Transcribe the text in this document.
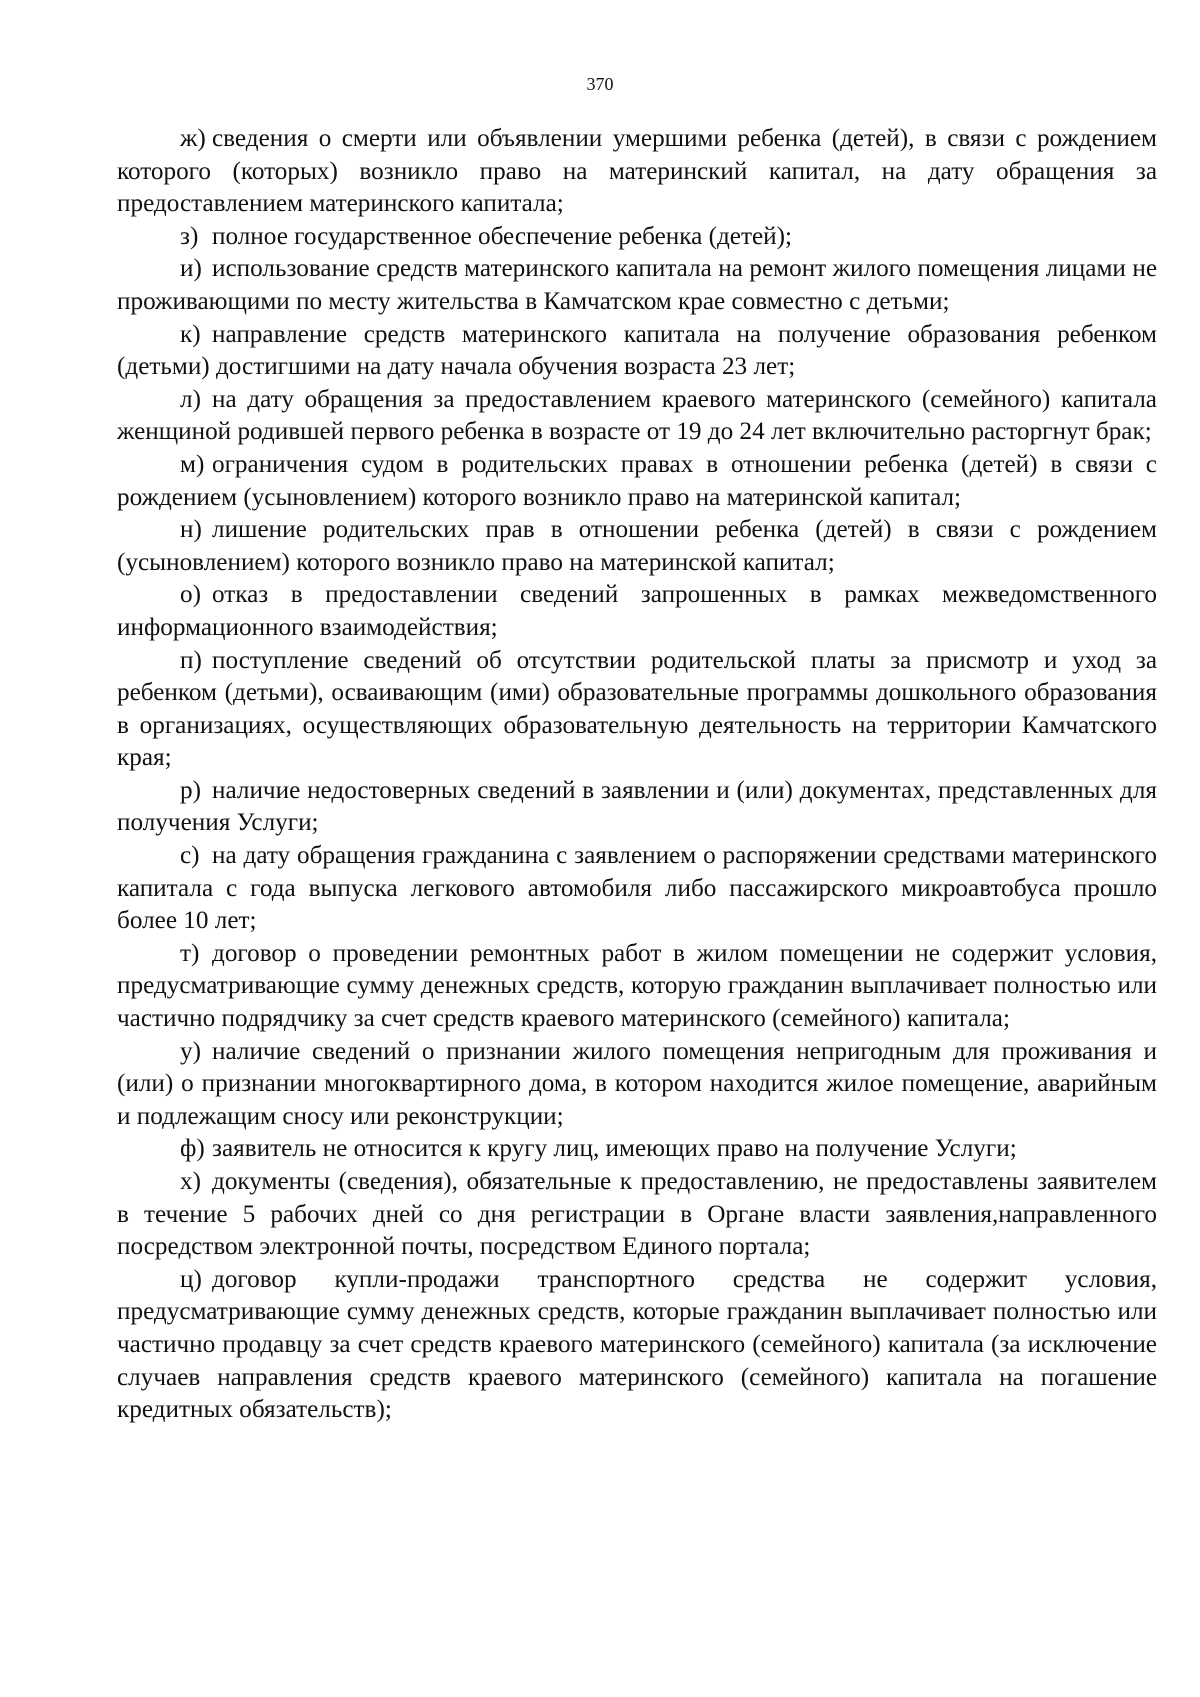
370

ж) сведения о смерти или объявлении умершими ребенка (детей), в связи с рождением которого (которых) возникло право на материнский капитал, на дату обращения за предоставлением материнского капитала;

з) полное государственное обеспечение ребенка (детей);

и) использование средств материнского капитала на ремонт жилого помещения лицами не проживающими по месту жительства в Камчатском крае совместно с детьми;

к) направление средств материнского капитала на получение образования ребенком (детьми) достигшими на дату начала обучения возраста 23 лет;

л) на дату обращения за предоставлением краевого материнского (семейного) капитала женщиной родившей первого ребенка в возрасте от 19 до 24 лет включительно расторгнут брак;

м) ограничения судом в родительских правах в отношении ребенка (детей) в связи с рождением (усыновлением) которого возникло право на материнской капитал;

н) лишение родительских прав в отношении ребенка (детей) в связи с рождением (усыновлением) которого возникло право на материнской капитал;

о) отказ в предоставлении сведений запрошенных в рамках межведомственного информационного взаимодействия;

п) поступление сведений об отсутствии родительской платы за присмотр и уход за ребенком (детьми), осваивающим (ими) образовательные программы дошкольного образования в организациях, осуществляющих образовательную деятельность на территории Камчатского края;

р) наличие недостоверных сведений в заявлении и (или) документах, представленных для получения Услуги;

с) на дату обращения гражданина с заявлением о распоряжении средствами материнского капитала с года выпуска легкового автомобиля либо пассажирского микроавтобуса прошло более 10 лет;

т) договор о проведении ремонтных работ в жилом помещении не содержит условия, предусматривающие сумму денежных средств, которую гражданин выплачивает полностью или частично подрядчику за счет средств краевого материнского (семейного) капитала;

у) наличие сведений о признании жилого помещения непригодным для проживания и (или) о признании многоквартирного дома, в котором находится жилое помещение, аварийным и подлежащим сносу или реконструкции;

ф) заявитель не относится к кругу лиц, имеющих право на получение Услуги;

х) документы (сведения), обязательные к предоставлению, не предоставлены заявителем в течение 5 рабочих дней со дня регистрации в Органе власти заявления,направленного посредством электронной почты, посредством Единого портала;

ц) договор купли-продажи транспортного средства не содержит условия, предусматривающие сумму денежных средств, которые гражданин выплачивает полностью или частично продавцу за счет средств краевого материнского (семейного) капитала (за исключение случаев направления средств краевого материнского (семейного) капитала на погашение кредитных обязательств);
